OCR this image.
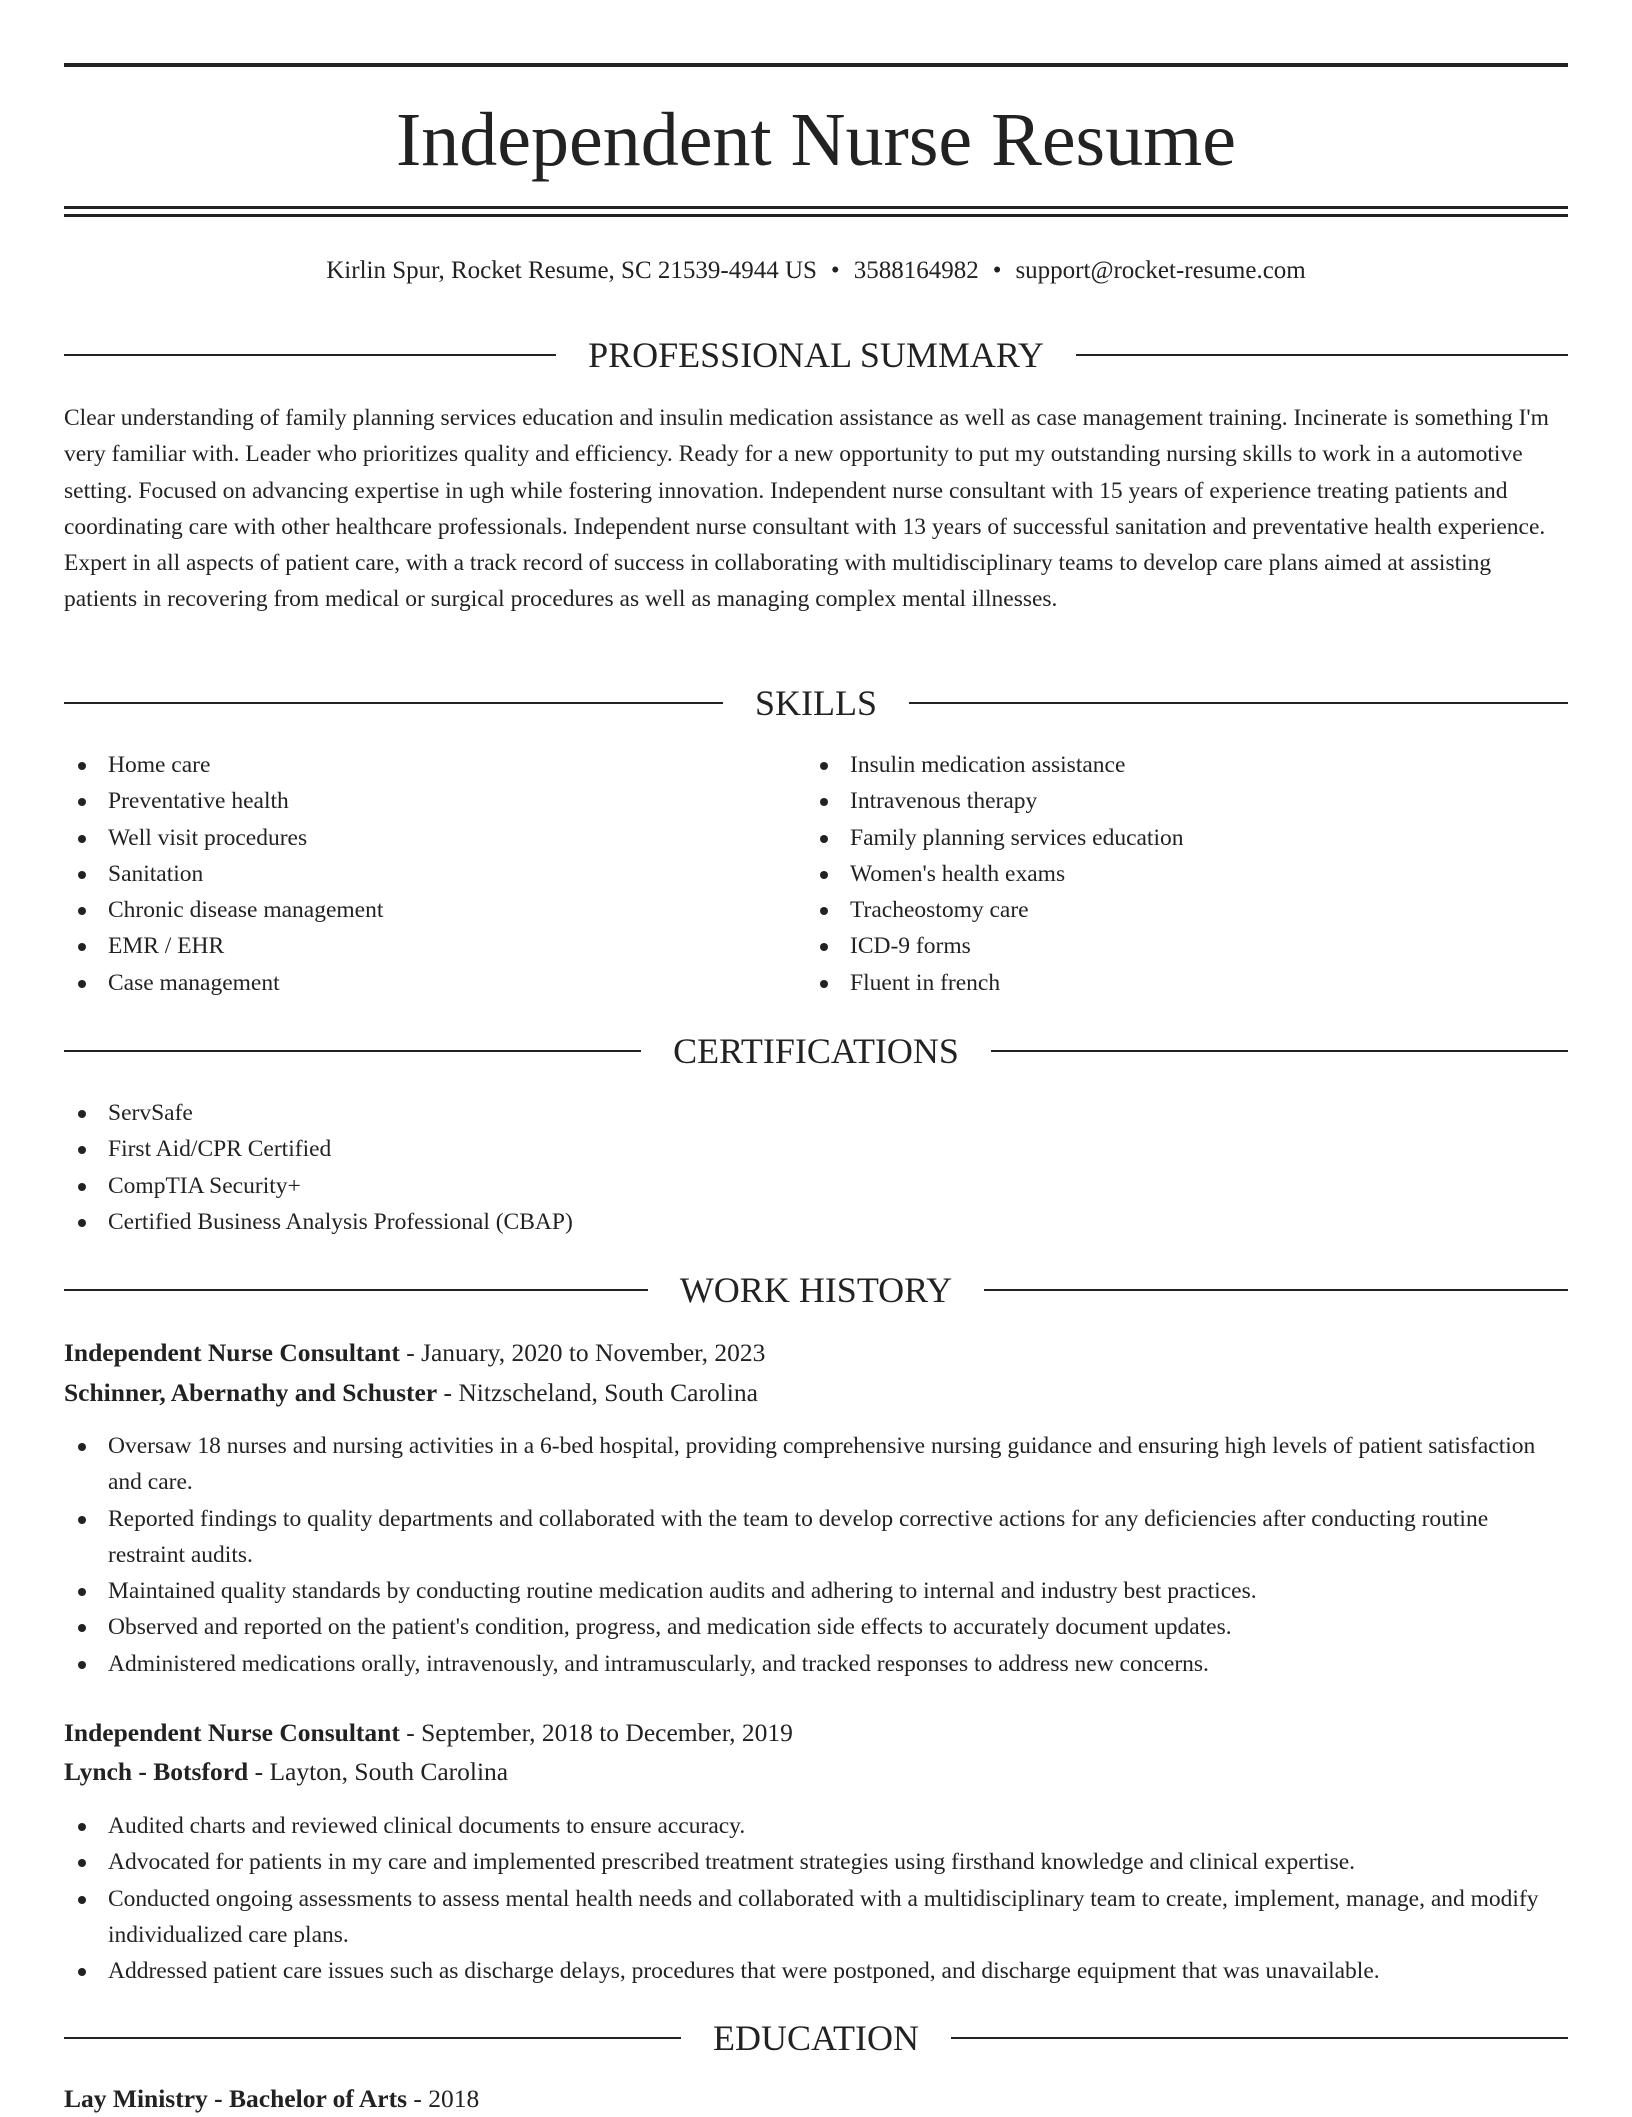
Independent Nurse Resume
Kirlin Spur, Rocket Resume, SC 21539-4944 US • 3588164982 • support@rocket-resume.com
PROFESSIONAL SUMMARY

Clear understanding of family planning services education and insulin medication assistance as well as case management training. Incinerate is something I'm very familiar with. Leader who prioritizes quality and efficiency. Ready for a new opportunity to put my outstanding nursing skills to work in a automotive setting. Focused on advancing expertise in ugh while fostering innovation. Independent nurse consultant with 15 years of experience treating patients and coordinating care with other healthcare professionals. Independent nurse consultant with 13 years of successful sanitation and preventative health experience. Expert in all aspects of patient care, with a track record of success in collaborating with multidisciplinary teams to develop care plans aimed at assisting patients in recovering from medical or surgical procedures as well as managing complex mental illnesses.

SKILLS
Home care
Preventative health
Well visit procedures
Sanitation
Chronic disease management
EMR / EHR
Case management
Insulin medication assistance
Intravenous therapy
Family planning services education
Women's health exams
Tracheostomy care
ICD-9 forms
Fluent in french
CERTIFICATIONS
ServSafe
First Aid/CPR Certified
CompTIA Security+
Certified Business Analysis Professional (CBAP)
WORK HISTORY
Independent Nurse Consultant - January, 2020 to November, 2023
Schinner, Abernathy and Schuster - Nitzscheland, South Carolina
Oversaw 18 nurses and nursing activities in a 6-bed hospital, providing comprehensive nursing guidance and ensuring high levels of patient satisfaction and care.
Reported findings to quality departments and collaborated with the team to develop corrective actions for any deficiencies after conducting routine restraint audits.
Maintained quality standards by conducting routine medication audits and adhering to internal and industry best practices.
Observed and reported on the patient's condition, progress, and medication side effects to accurately document updates.
Administered medications orally, intravenously, and intramuscularly, and tracked responses to address new concerns.
Independent Nurse Consultant - September, 2018 to December, 2019
Lynch - Botsford - Layton, South Carolina
Audited charts and reviewed clinical documents to ensure accuracy.
Advocated for patients in my care and implemented prescribed treatment strategies using firsthand knowledge and clinical expertise.
Conducted ongoing assessments to assess mental health needs and collaborated with a multidisciplinary team to create, implement, manage, and modify individualized care plans.
Addressed patient care issues such as discharge delays, procedures that were postponed, and discharge equipment that was unavailable.
EDUCATION
Lay Ministry - Bachelor of Arts - 2018
